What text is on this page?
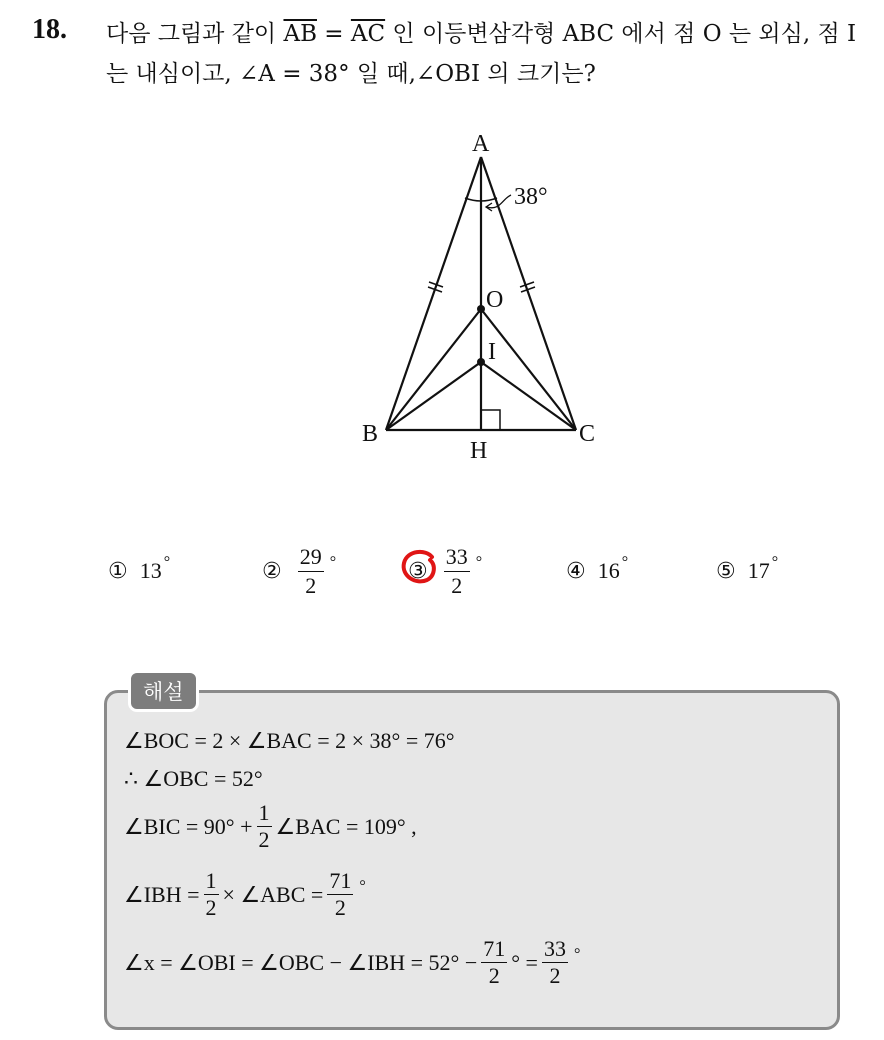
18. 다음 그림과 같이 $\overline{AB} = \overline{AC}$ 인 이등변삼각형 ABC 에서 점 O 는 외심, 점 I 는 내심이고, ∠A = 38° 일 때,∠OBI 의 크기는?
A
B	C
O
I
H
38°
① 13 °	② $\frac{29}{2}$ °	③ $\frac{33}{2}$ °	④ 16 °	⑤ 17 °
해설
∠BOC = 2 × ∠BAC = 2 × 38° = 76°
∴ ∠OBC = 52°
∠BIC = $90^\circ + \frac{1}{2}$ ∠BAC = 109° ,
∠IBH = $\frac{1}{2}$ × ∠ABC = $\frac{71}{2}$ °
∠x = ∠OBI = ∠OBC − ∠IBH = $52^\circ - \frac{71}{2}$ ° = $\frac{33}{2}$ °
